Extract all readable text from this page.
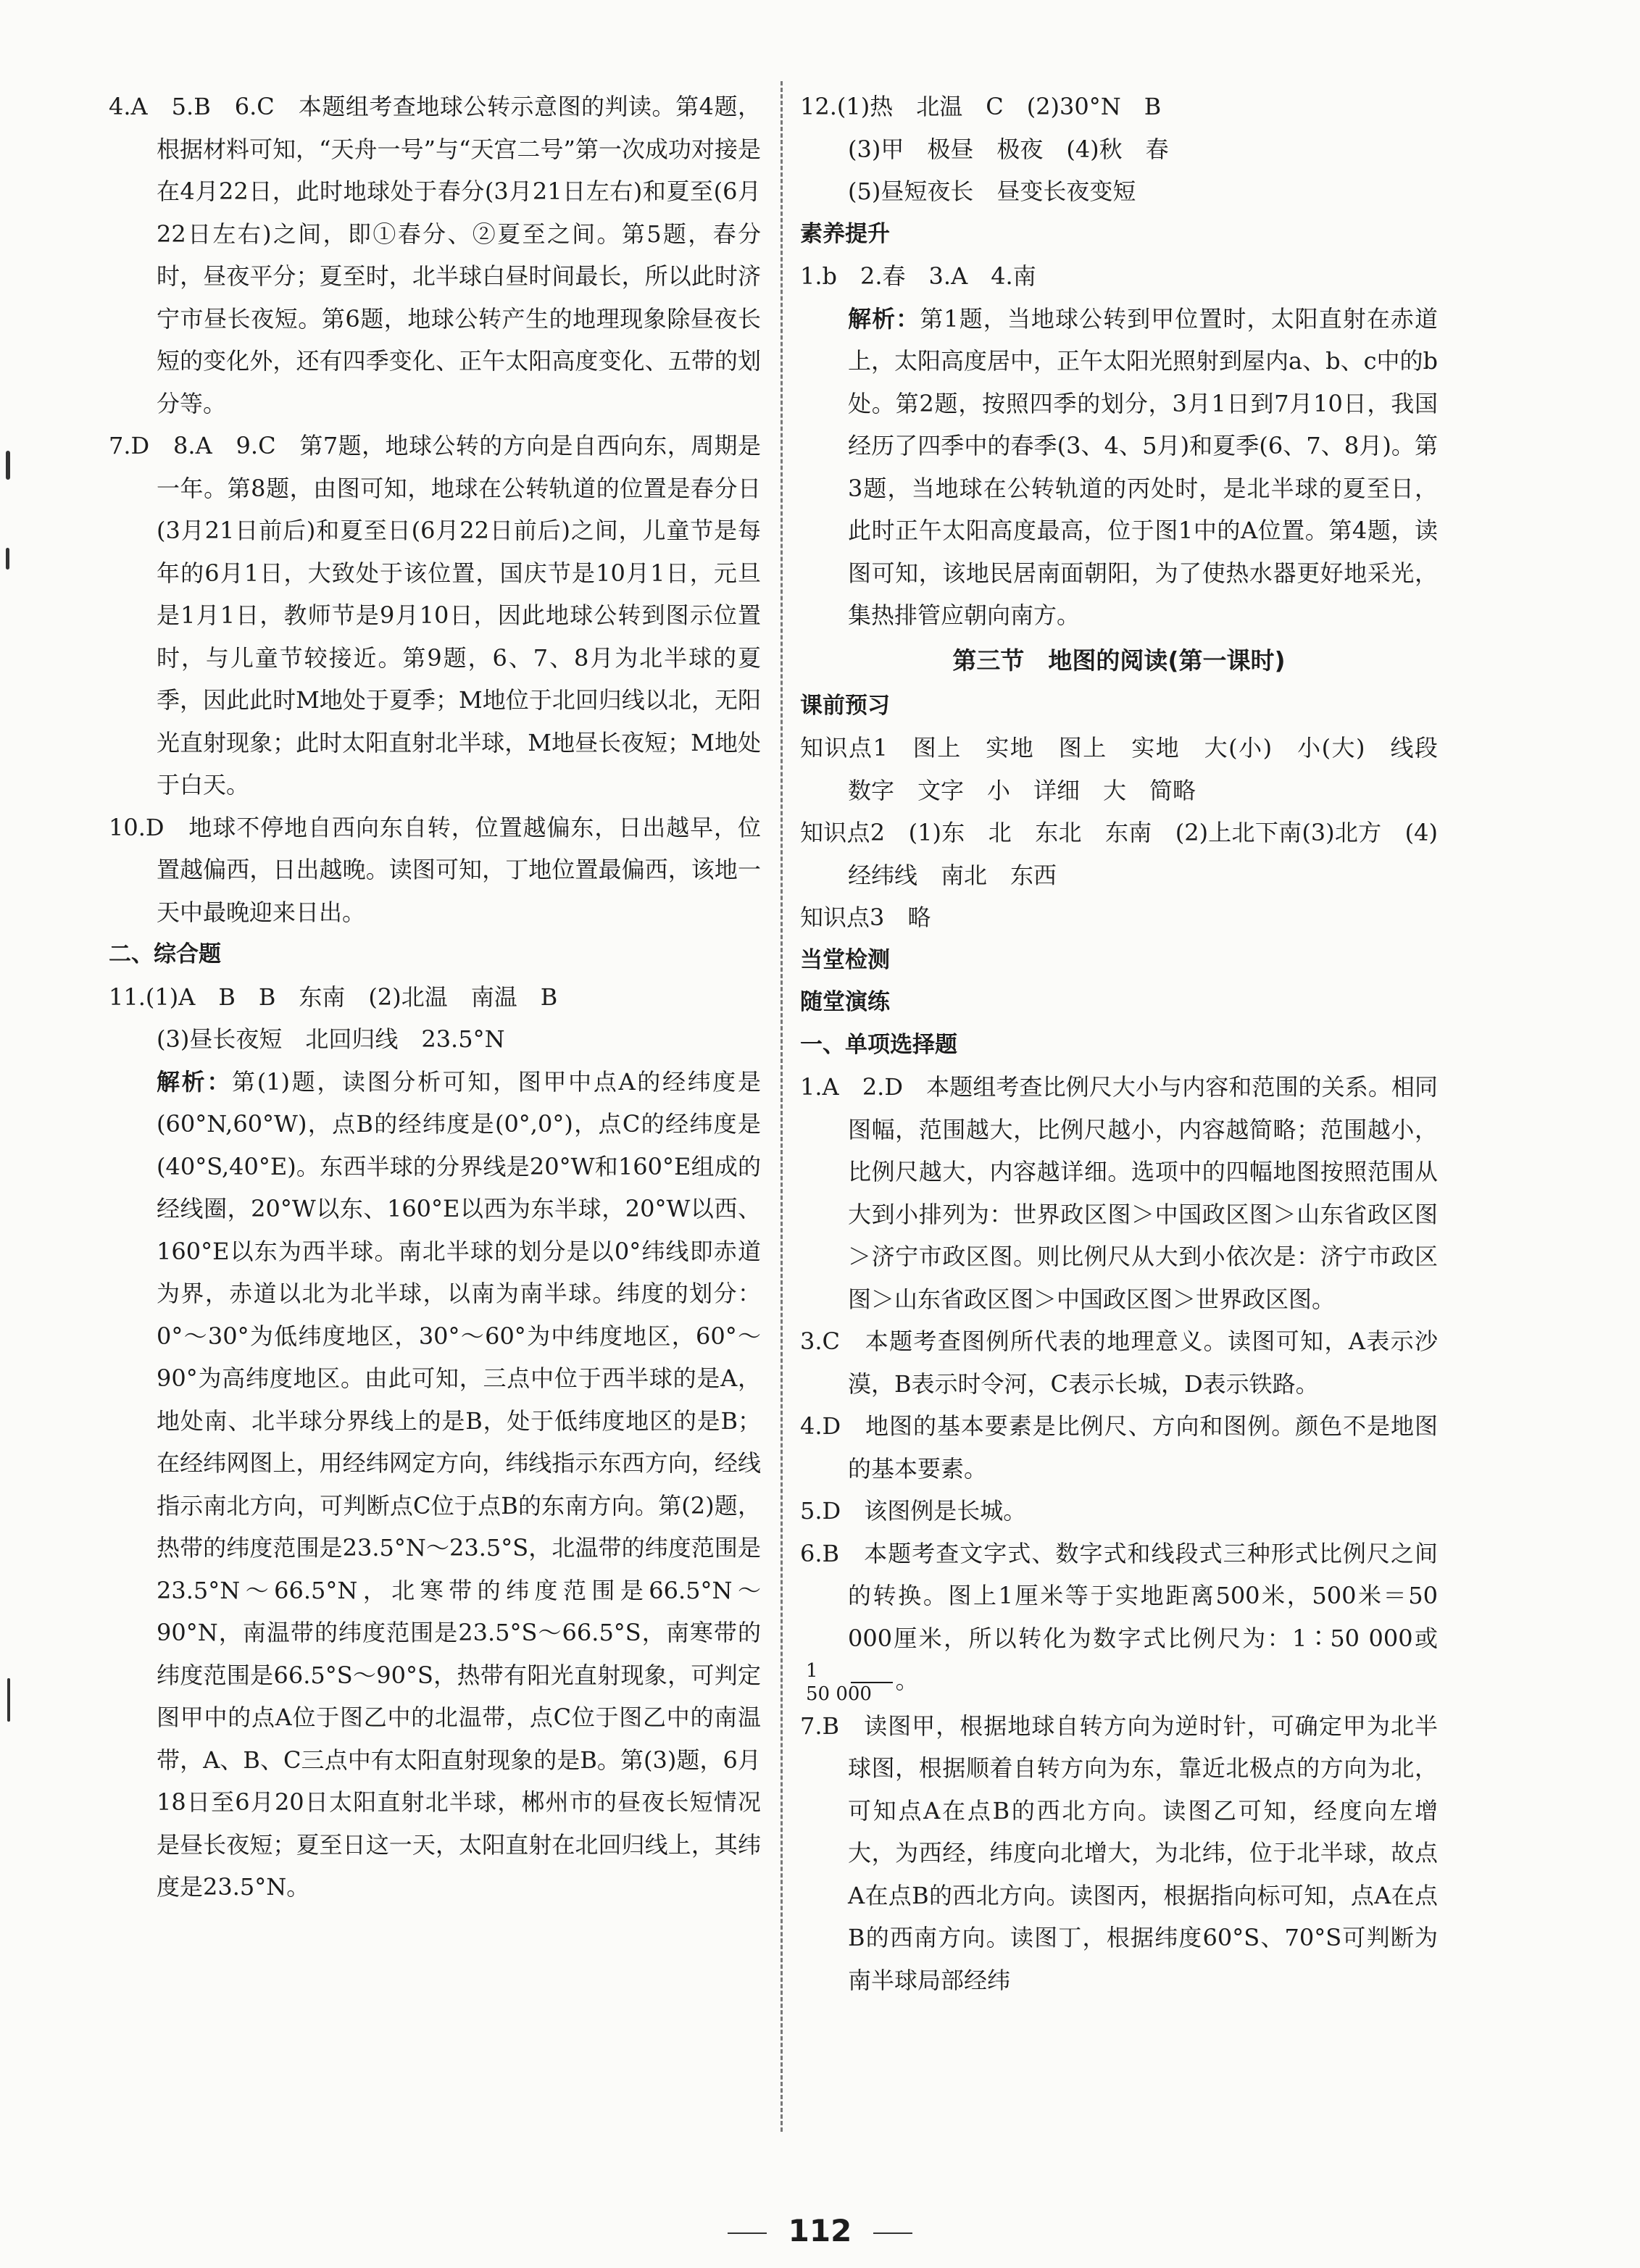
4.A　5.B　6.C　本题组考查地球公转示意图的判读。第4题，根据材料可知，“天舟一号”与“天宫二号”第一次成功对接是在4月22日，此时地球处于春分(3月21日左右)和夏至(6月22日左右)之间，即①春分、②夏至之间。第5题，春分时，昼夜平分；夏至时，北半球白昼时间最长，所以此时济宁市昼长夜短。第6题，地球公转产生的地理现象除昼夜长短的变化外，还有四季变化、正午太阳高度变化、五带的划分等。

7.D　8.A　9.C　第7题，地球公转的方向是自西向东，周期是一年。第8题，由图可知，地球在公转轨道的位置是春分日(3月21日前后)和夏至日(6月22日前后)之间，儿童节是每年的6月1日，大致处于该位置，国庆节是10月1日，元旦是1月1日，教师节是9月10日，因此地球公转到图示位置时，与儿童节较接近。第9题，6、7、8月为北半球的夏季，因此此时M地处于夏季；M地位于北回归线以北，无阳光直射现象；此时太阳直射北半球，M地昼长夜短；M地处于白天。

10.D　地球不停地自西向东自转，位置越偏东，日出越早，位置越偏西，日出越晚。读图可知，丁地位置最偏西，该地一天中最晚迎来日出。

二、综合题

11.(1)A　B　B　东南　(2)北温　南温　B

(3)昼长夜短　北回归线　23.5°N

解析：第(1)题，读图分析可知，图甲中点A的经纬度是(60°N,60°W)，点B的经纬度是(0°,0°)，点C的经纬度是(40°S,40°E)。东西半球的分界线是20°W和160°E组成的经线圈，20°W以东、160°E以西为东半球，20°W以西、160°E以东为西半球。南北半球的划分是以0°纬线即赤道为界，赤道以北为北半球，以南为南半球。纬度的划分：0°～30°为低纬度地区，30°～60°为中纬度地区，60°～90°为高纬度地区。由此可知，三点中位于西半球的是A，地处南、北半球分界线上的是B，处于低纬度地区的是B；在经纬网图上，用经纬网定方向，纬线指示东西方向，经线指示南北方向，可判断点C位于点B的东南方向。第(2)题，热带的纬度范围是23.5°N～23.5°S，北温带的纬度范围是23.5°N～66.5°N，北寒带的纬度范围是66.5°N～90°N，南温带的纬度范围是23.5°S～66.5°S，南寒带的纬度范围是66.5°S～90°S，热带有阳光直射现象，可判定图甲中的点A位于图乙中的北温带，点C位于图乙中的南温带，A、B、C三点中有太阳直射现象的是B。第(3)题，6月18日至6月20日太阳直射北半球，郴州市的昼夜长短情况是昼长夜短；夏至日这一天，太阳直射在北回归线上，其纬度是23.5°N。

12.(1)热　北温　C　(2)30°N　B

(3)甲　极昼　极夜　(4)秋　春

(5)昼短夜长　昼变长夜变短

素养提升

1.b　2.春　3.A　4.南

解析：第1题，当地球公转到甲位置时，太阳直射在赤道上，太阳高度居中，正午太阳光照射到屋内a、b、c中的b处。第2题，按照四季的划分，3月1日到7月10日，我国经历了四季中的春季(3、4、5月)和夏季(6、7、8月)。第3题，当地球在公转轨道的丙处时，是北半球的夏至日，此时正午太阳高度最高，位于图1中的A位置。第4题，读图可知，该地民居南面朝阳，为了使热水器更好地采光，集热排管应朝向南方。

第三节　地图的阅读(第一课时)
课前预习

知识点1　图上　实地　图上　实地　大(小)　小(大)　线段　数字　文字　小　详细　大　简略

知识点2　(1)东　北　东北　东南　(2)上北下南(3)北方　(4)经纬线　南北　东西

知识点3　略

当堂检测
随堂演练
一、单项选择题

1.A　2.D　本题组考查比例尺大小与内容和范围的关系。相同图幅，范围越大，比例尺越小，内容越简略；范围越小，比例尺越大，内容越详细。选项中的四幅地图按照范围从大到小排列为：世界政区图＞中国政区图＞山东省政区图＞济宁市政区图。则比例尺从大到小依次是：济宁市政区图＞山东省政区图＞中国政区图＞世界政区图。

3.C　本题考查图例所代表的地理意义。读图可知，A表示沙漠，B表示时令河，C表示长城，D表示铁路。

4.D　地图的基本要素是比例尺、方向和图例。颜色不是地图的基本要素。

5.D　该图例是长城。

6.B　本题考查文字式、数字式和线段式三种形式比例尺之间的转换。图上1厘米等于实地距离500米，500米＝50 000厘米，所以转化为数字式比例尺为：1∶50 000或
$\frac{1}{50 000}$ 。

7.B　读图甲，根据地球自转方向为逆时针，可确定甲为北半球图，根据顺着自转方向为东，靠近北极点的方向为北，可知点A在点B的西北方向。读图乙可知，经度向左增大，为西经，纬度向北增大，为北纬，位于北半球，故点A在点B的西北方向。读图丙，根据指向标可知，点A在点B的西南方向。读图丁，根据纬度60°S、70°S可判断为南半球局部经纬

112
